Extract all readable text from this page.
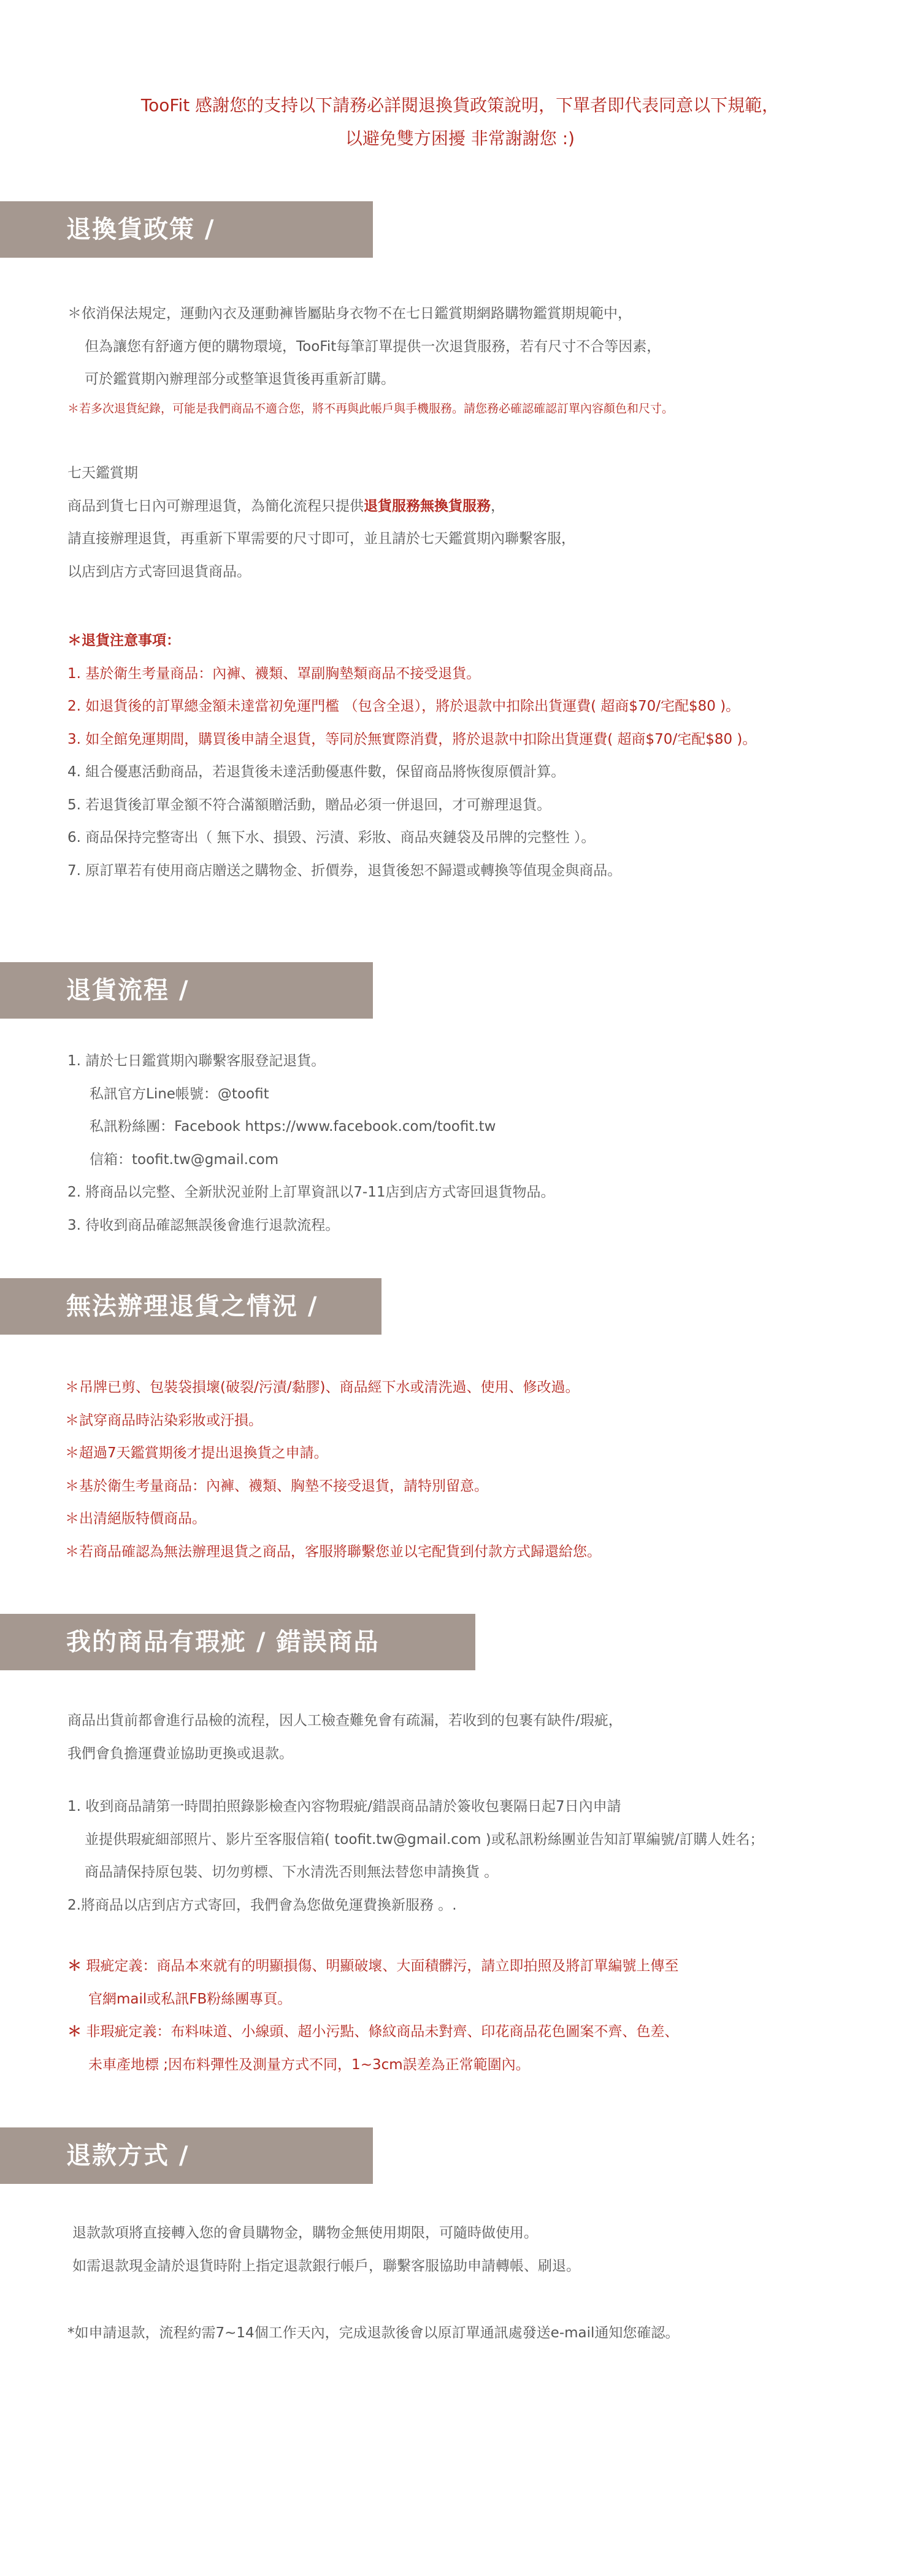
TooFit 感謝您的支持以下請務必詳閱退換貨政策說明，下單者即代表同意以下規範，
以避免雙方困擾 非常謝謝您 :)
退換貨政策 /
＊依消保法規定，運動內衣及運動褲皆屬貼身衣物不在七日鑑賞期網路購物鑑賞期規範中，
但為讓您有舒適方便的購物環境，TooFit每筆訂單提供一次退貨服務，若有尺寸不合等因素，
可於鑑賞期內辦理部分或整筆退貨後再重新訂購。
＊若多次退貨紀錄，可能是我們商品不適合您，將不再與此帳戶與手機服務。請您務必確認確認訂單內容顏色和尺寸。
七天鑑賞期
商品到貨七日內可辦理退貨，為簡化流程只提供退貨服務無換貨服務，
請直接辦理退貨，再重新下單需要的尺寸即可，並且請於七天鑑賞期內聯繫客服，
以店到店方式寄回退貨商品。
＊退貨注意事項：
1. 基於衛生考量商品：內褲、襪類、罩副胸墊類商品不接受退貨。
2. 如退貨後的訂單總金額未達當初免運門檻 （包含全退），將於退款中扣除出貨運費( 超商$70/宅配$80 )。
3. 如全館免運期間，購買後申請全退貨，等同於無實際消費，將於退款中扣除出貨運費( 超商$70/宅配$80 )。
4. 組合優惠活動商品，若退貨後未達活動優惠件數，保留商品將恢復原價計算。
5. 若退貨後訂單金額不符合滿額贈活動，贈品必須一併退回，才可辦理退貨。
6. 商品保持完整寄出（ 無下水、損毀、污漬、彩妝、商品夾鏈袋及吊牌的完整性 ）。
7. 原訂單若有使用商店贈送之購物金、折價券，退貨後恕不歸還或轉換等值現金與商品。
退貨流程 /
1. 請於七日鑑賞期內聯繫客服登記退貨。
私訊官方Line帳號：@toofit
私訊粉絲團：Facebook https://www.facebook.com/toofit.tw
信箱：toofit.tw@gmail.com
2. 將商品以完整、全新狀況並附上訂單資訊以7-11店到店方式寄回退貨物品。
3. 待收到商品確認無誤後會進行退款流程。
無法辦理退貨之情況 /
＊吊牌已剪、包裝袋損壞(破裂/污漬/黏膠)、商品經下水或清洗過、使用、修改過。
＊試穿商品時沾染彩妝或汙損。
＊超過7天鑑賞期後才提出退換貨之申請。
＊基於衛生考量商品：內褲、襪類、胸墊不接受退貨，請特別留意。
＊出清絕版特價商品。
＊若商品確認為無法辦理退貨之商品，客服將聯繫您並以宅配貨到付款方式歸還給您。
我的商品有瑕疵 / 錯誤商品
商品出貨前都會進行品檢的流程，因人工檢查難免會有疏漏，若收到的包裹有缺件/瑕疵，
我們會負擔運費並協助更換或退款。
1. 收到商品請第一時間拍照錄影檢查內容物瑕疵/錯誤商品請於簽收包裹隔日起7日內申請
並提供瑕疵細部照片、影片至客服信箱( toofit.tw@gmail.com )或私訊粉絲團並告知訂單編號/訂購人姓名；
商品請保持原包裝、切勿剪標、下水清洗否則無法替您申請換貨 。
2.將商品以店到店方式寄回，我們會為您做免運費換新服務 。.
＊ 瑕疵定義：商品本來就有的明顯損傷、明顯破壞、大面積髒污，請立即拍照及將訂單編號上傳至
官網mail或私訊FB粉絲團專頁。
＊ 非瑕疵定義：布料味道、小線頭、超小污點、條紋商品未對齊、印花商品花色圖案不齊、色差、
未車產地標 ;因布料彈性及測量方式不同，1~3cm誤差為正常範圍內。
退款方式 /
退款款項將直接轉入您的會員購物金，購物金無使用期限，可隨時做使用。
如需退款現金請於退貨時附上指定退款銀行帳戶，聯繫客服協助申請轉帳、刷退。
*如申請退款，流程約需7~14個工作天內，完成退款後會以原訂單通訊處發送e-mail通知您確認。
